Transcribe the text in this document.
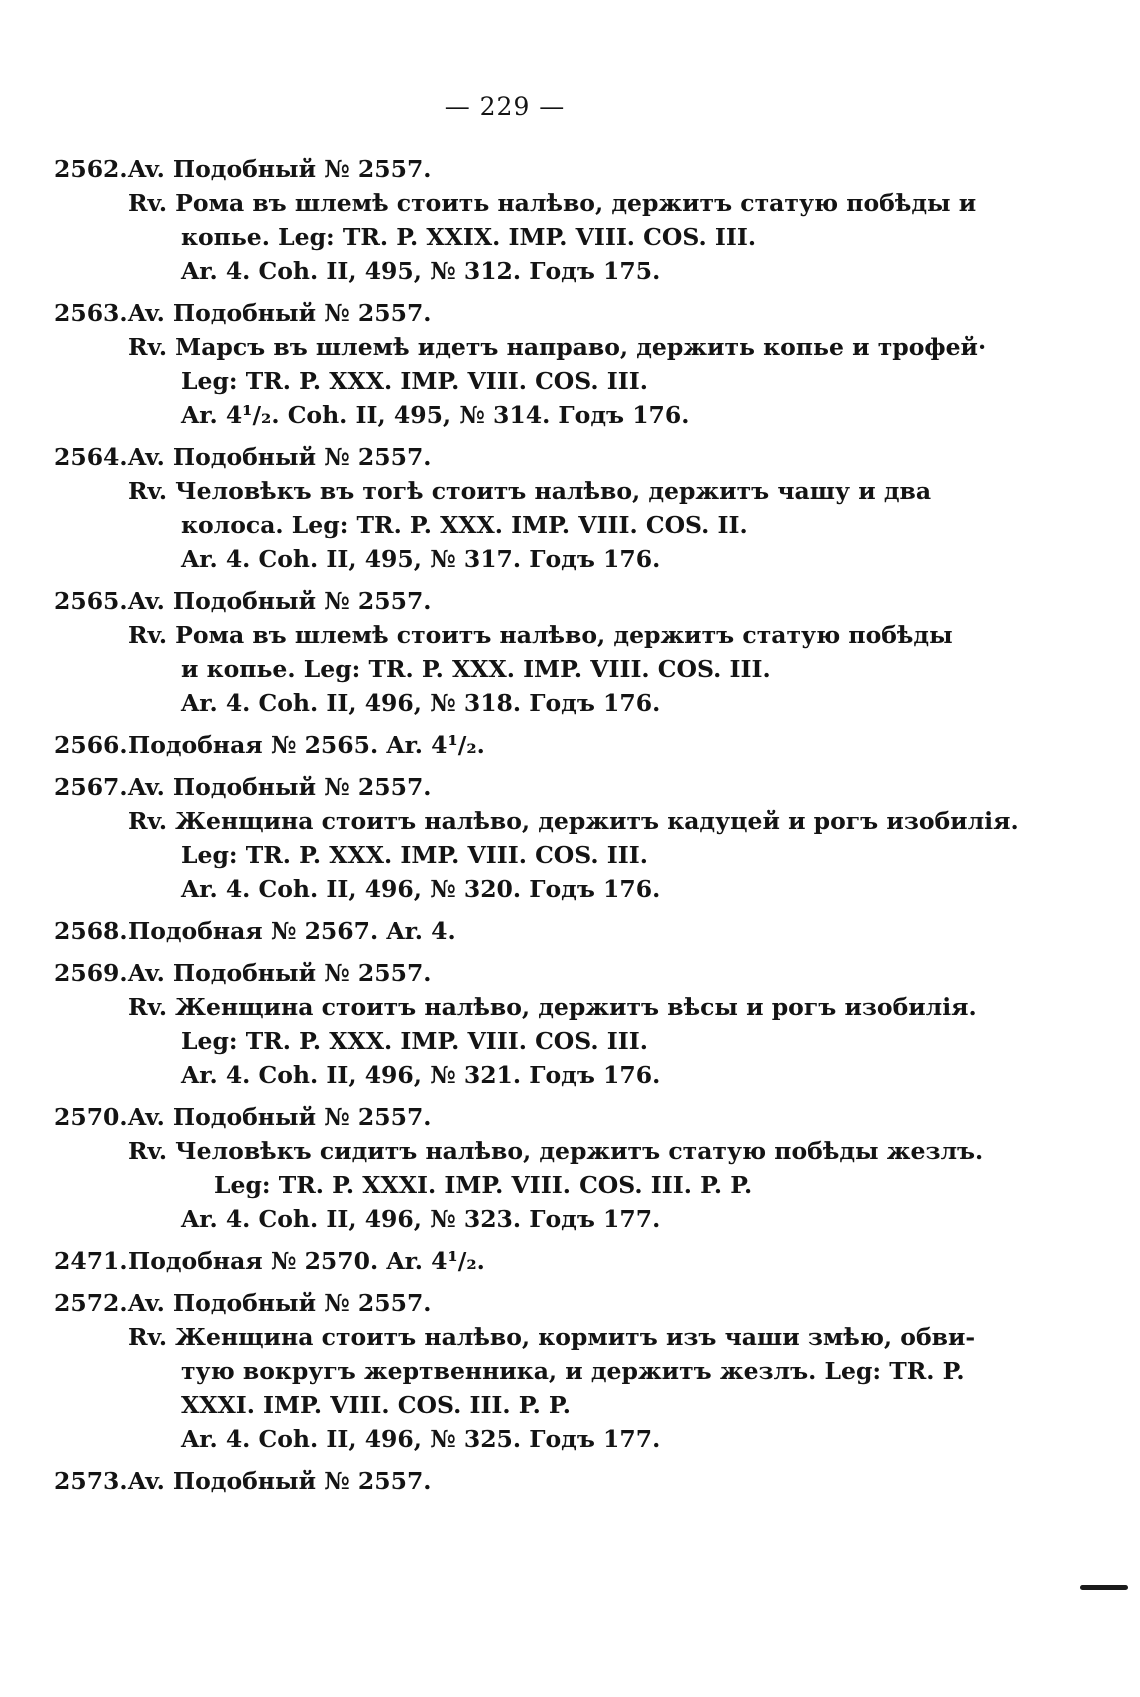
— 229 —
2562.Av. Подобный № 2557.
Rv. Рома въ шлемѣ стоить налѣво, держитъ статую побѣды и
копье. Leg: TR. P. XXIX. IMP. VIII. COS. III.
Ar. 4. Coh. II, 495, № 312. Годъ 175.
2563.Av. Подобный № 2557.
Rv. Марсъ въ шлемѣ идетъ направо, держить копье и трофей·
Leg: TR. P. XXX. IMP. VIII. COS. III.
Ar. 4¹/₂. Coh. II, 495, № 314. Годъ 176.
2564.Av. Подобный № 2557.
Rv. Человѣкъ въ тогѣ стоитъ налѣво, держитъ чашу и два
колоса. Leg: TR. P. XXX. IMP. VIII. COS. II.
Ar. 4. Coh. II, 495, № 317. Годъ 176.
2565.Av. Подобный № 2557.
Rv. Рома въ шлемѣ стоитъ налѣво, держитъ статую побѣды
и копье. Leg: TR. P. XXX. IMP. VIII. COS. III.
Ar. 4. Coh. II, 496, № 318. Годъ 176.
2566.Подобная № 2565. Ar. 4¹/₂.
2567.Av. Подобный № 2557.
Rv. Женщина стоитъ налѣво, держитъ кадуцей и рогъ изобилія.
Leg: TR. P. XXX. IMP. VIII. COS. III.
Ar. 4. Coh. II, 496, № 320. Годъ 176.
2568.Подобная № 2567. Ar. 4.
2569.Av. Подобный № 2557.
Rv. Женщина стоитъ налѣво, держитъ вѣсы и рогъ изобилія.
Leg: TR. P. XXX. IMP. VIII. COS. III.
Ar. 4. Coh. II, 496, № 321. Годъ 176.
2570.Av. Подобный № 2557.
Rv. Человѣкъ сидитъ налѣво, держитъ статую побѣды жезлъ.
Leg: TR. P. XXXI. IMP. VIII. COS. III. P. P.
Ar. 4. Coh. II, 496, № 323. Годъ 177.
2471.Подобная № 2570. Ar. 4¹/₂.
2572.Av. Подобный № 2557.
Rv. Женщина стоитъ налѣво, кормитъ изъ чаши змѣю, обви-
тую вокругъ жертвенника, и держитъ жезлъ. Leg: TR. P.
XXXI. IMP. VIII. COS. III. P. P.
Ar. 4. Coh. II, 496, № 325. Годъ 177.
2573.Av. Подобный № 2557.
